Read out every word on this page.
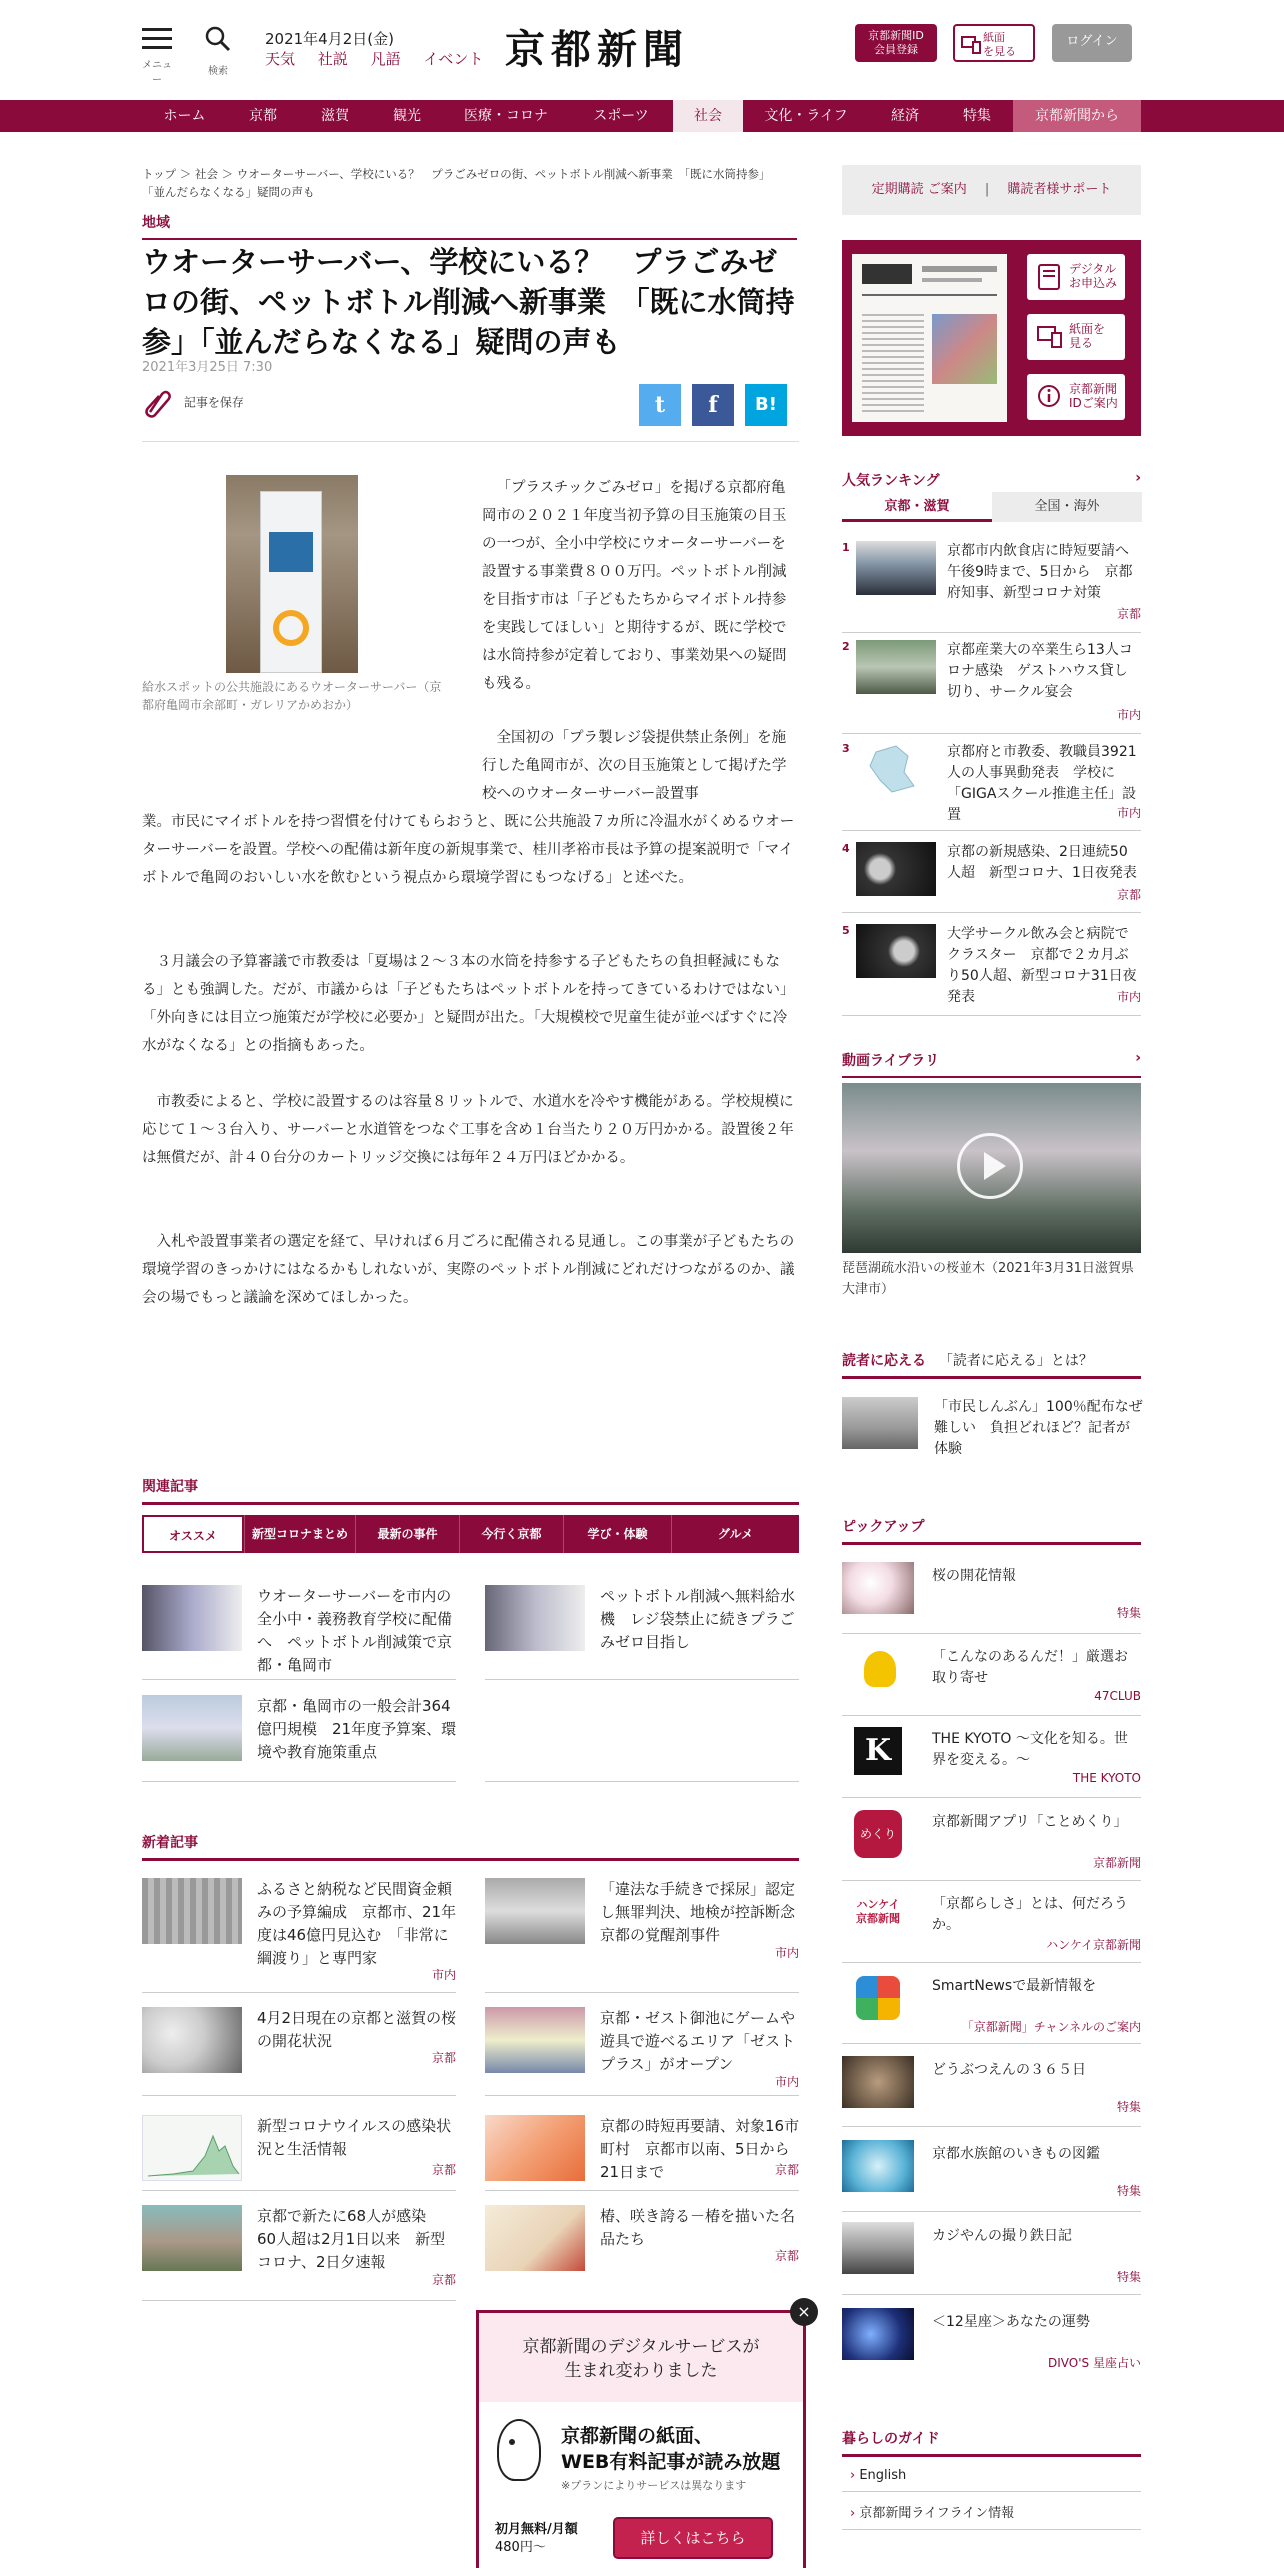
メニュー
検索
2021年4月2日(金)
天気 社説 凡語 イベント 京都新聞	京都新聞ID
会員登録
紙面
を見る
ログイン
ホーム	京都	滋賀	観光	医療・コロナ	スポーツ	社会	文化・ライフ	経済	特集	京都新聞から
トップ ＞ 社会 ＞ ウオーターサーバー、学校にいる？　プラごみゼロの街、ペットボトル削減へ新事業　「既に水筒持参」「並んだらなくなる」疑問の声も
地域
ウオーターサーバー、学校にいる？　プラごみゼロの街、ペットボトル削減へ新事業　「既に水筒持参」「並んだらなくなる」疑問の声も
2021年3月25日 7:30
記事を保存	t	f	B!
給水スポットの公共施設にあるウオーターサーバー（京都府亀岡市余部町・ガレリアかめおか）
「プラスチックごみゼロ」を掲げる京都府亀岡市の２０２１年度当初予算の目玉施策の目玉の一つが、全小中学校にウオーターサーバーを設置する事業費８００万円。ペットボトル削減を目指す市は「子どもたちからマイボトル持参を実践してほしい」と期待するが、既に学校では水筒持参が定着しており、事業効果への疑問も残る。
全国初の「プラ製レジ袋提供禁止条例」を施行した亀岡市が、次の目玉施策として掲げた学校へのウオーターサーバー設置事
業。市民にマイボトルを持つ習慣を付けてもらおうと、既に公共施設７カ所に冷温水がくめるウオーターサーバーを設置。学校への配備は新年度の新規事業で、桂川孝裕市長は予算の提案説明で「マイボトルで亀岡のおいしい水を飲むという視点から環境学習にもつなげる」と述べた。
３月議会の予算審議で市教委は「夏場は２～３本の水筒を持参する子どもたちの負担軽減にもなる」とも強調した。だが、市議からは「子どもたちはペットボトルを持ってきているわけではない」「外向きには目立つ施策だが学校に必要か」と疑問が出た。「大規模校で児童生徒が並べばすぐに冷水がなくなる」との指摘もあった。
市教委によると、学校に設置するのは容量８リットルで、水道水を冷やす機能がある。学校規模に応じて１～３台入り、サーバーと水道管をつなぐ工事を含め１台当たり２０万円かかる。設置後２年は無償だが、計４０台分のカートリッジ交換には毎年２４万円ほどかかる。
入札や設置事業者の選定を経て、早ければ６月ごろに配備される見通し。この事業が子どもたちの環境学習のきっかけにはなるかもしれないが、実際のペットボトル削減にどれだけつながるのか、議会の場でもっと議論を深めてほしかった。
関連記事
オススメ	新型コロナまとめ	最新の事件	今行く京都	学び・体験	グルメ
ウオーターサーバーを市内の全小中・義務教育学校に配備へ　ペットボトル削減策で京都・亀岡市
ペットボトル削減へ無料給水機　レジ袋禁止に続きプラごみゼロ目指し
京都・亀岡市の一般会計364億円規模　21年度予算案、環境や教育施策重点
新着記事
ふるさと納税など民間資金頼みの予算編成　京都市、21年度は46億円見込む　「非常に綱渡り」と専門家
市内
「違法な手続きで採尿」認定し無罪判決、地検が控訴断念　京都の覚醒剤事件
市内
4月2日現在の京都と滋賀の桜の開花状況
京都
京都・ゼスト御池にゲームや遊具で遊べるエリア「ゼストプラス」がオープン
市内
新型コロナウイルスの感染状況と生活情報
京都
京都の時短再要請、対象16市町村　京都市以南、5日から21日まで	京都
京都で新たに68人が感染　60人超は2月1日以来　新型コロナ、2日夕速報
京都
椿、咲き誇る－椿を描いた名品たち
京都
定期購読 ご案内 | 購読者様サポート
デジタル
お申込み
紙面を
見る
京都新聞
IDご案内
人気ランキング	›
京都・滋賀	全国・海外
1	京都市内飲食店に時短要請へ　午後9時まで、5日から　京都府知事、新型コロナ対策
京都
2	京都産業大の卒業生ら13人コロナ感染　ゲストハウス貸し切り、サークル宴会
市内
3	京都府と市教委、教職員3921人の人事異動発表　学校に「GIGAスクール推進主任」設置	市内
4	京都の新規感染、2日連続50人超　新型コロナ、1日夜発表
京都
5	大学サークル飲み会と病院でクラスター　京都で２カ月ぶり50人超、新型コロナ31日夜発表	市内
動画ライブラリ	›
琵琶湖疏水沿いの桜並木（2021年3月31日滋賀県大津市）
読者に応える 「読者に応える」とは？
「市民しんぶん」100％配布なぜ難しい　負担どれほど？記者が体験
ピックアップ
桜の開花情報
特集
「こんなのあるんだ！」厳選お取り寄せ
47CLUB
K	THE KYOTO ～文化を知る。世界を変える。～
THE KYOTO
めくり
京都新聞アプリ「ことめくり」
京都新聞
ハンケイ
京都新聞
「京都らしさ」とは、何だろうか。
ハンケイ京都新聞
SmartNewsで最新情報を
「京都新聞」チャンネルのご案内
どうぶつえんの３６５日
特集
京都水族館のいきもの図鑑
特集
カジやんの撮り鉄日記
特集
＜12星座＞あなたの運勢
DIVO'S 星座占い
暮らしのガイド
› English
› 京都新聞ライフライン情報
京都新聞のデジタルサービスが
生まれ変わりました
京都新聞の紙面、
WEB有料記事が読み放題
※プランによりサービスは異なります
初月無料/月額
480円〜
詳しくはこちら
×
